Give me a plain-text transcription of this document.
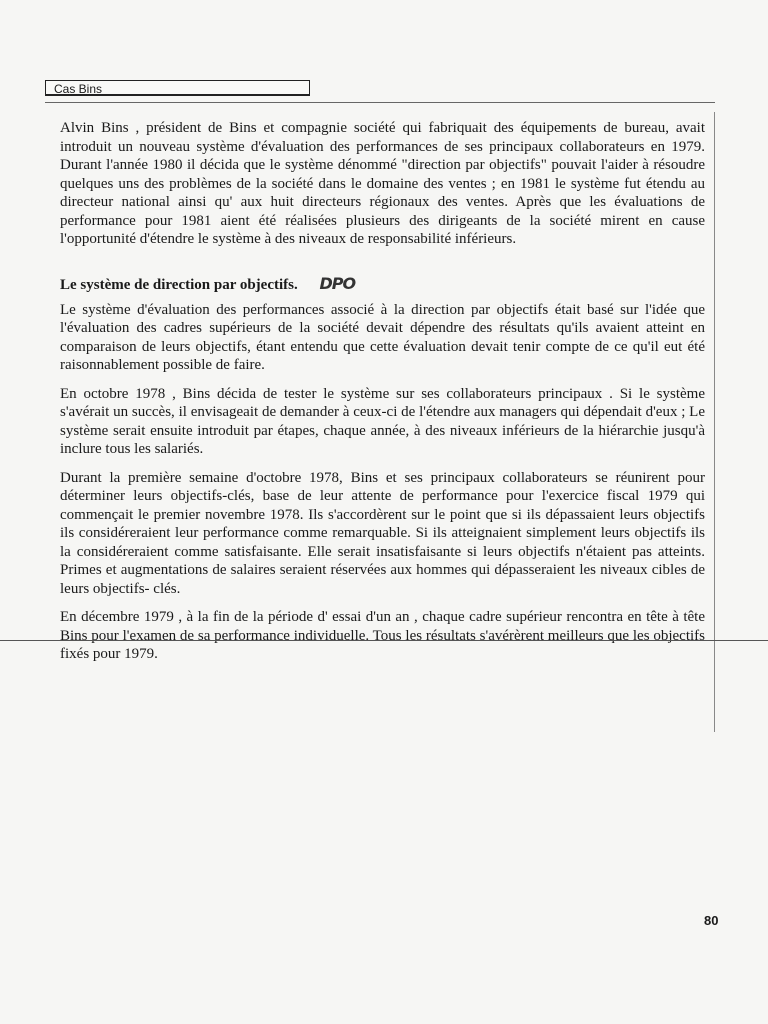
Cas Bins

Alvin Bins , président de Bins et compagnie société qui fabriquait des équipements de bureau, avait introduit un nouveau système d'évaluation des performances de ses principaux collaborateurs en 1979. Durant l'année 1980 il décida que le système dénommé "direction par objectifs" pouvait l'aider à résoudre quelques uns des problèmes de la société dans le domaine des ventes ; en 1981 le système fut étendu au directeur national ainsi qu' aux huit directeurs régionaux des ventes. Après que les évaluations de performance pour 1981 aient été réalisées plusieurs des dirigeants de la société mirent en cause l'opportunité d'étendre le système à des niveaux de responsabilité inférieurs.

Le système de direction par objectifs. DPO

Le système d'évaluation des performances associé à la direction par objectifs était basé sur l'idée que l'évaluation des cadres supérieurs de la société devait dépendre des résultats qu'ils avaient atteint en comparaison de leurs objectifs, étant entendu que cette évaluation devait tenir compte de ce qu'il eut été raisonnablement possible de faire.

En octobre 1978 , Bins décida de tester le système sur ses collaborateurs principaux . Si le système s'avérait un succès, il envisageait de demander à ceux-ci de l'étendre aux managers qui dépendait d'eux ; Le système serait ensuite introduit par étapes, chaque année, à des niveaux inférieurs de la hiérarchie jusqu'à inclure tous les salariés.

Durant la première semaine d'octobre 1978, Bins et ses principaux collaborateurs se réunirent pour déterminer leurs objectifs-clés, base de leur attente de performance pour l'exercice fiscal 1979 qui commençait le premier novembre 1978. Ils s'accordèrent sur le point que si ils dépassaient leurs objectifs ils considéreraient leur performance comme remarquable. Si ils atteignaient simplement leurs objectifs ils la considéreraient comme satisfaisante. Elle serait insatisfaisante si leurs objectifs n'étaient pas atteints. Primes et augmentations de salaires seraient réservées aux hommes qui dépasseraient les niveaux cibles de leurs objectifs- clés.

En décembre 1979 , à la fin de la période d' essai d'un an , chaque cadre supérieur rencontra en tête à tête Bins pour l'examen de sa performance individuelle. Tous les résultats s'avérèrent meilleurs que les objectifs fixés pour 1979.

80
